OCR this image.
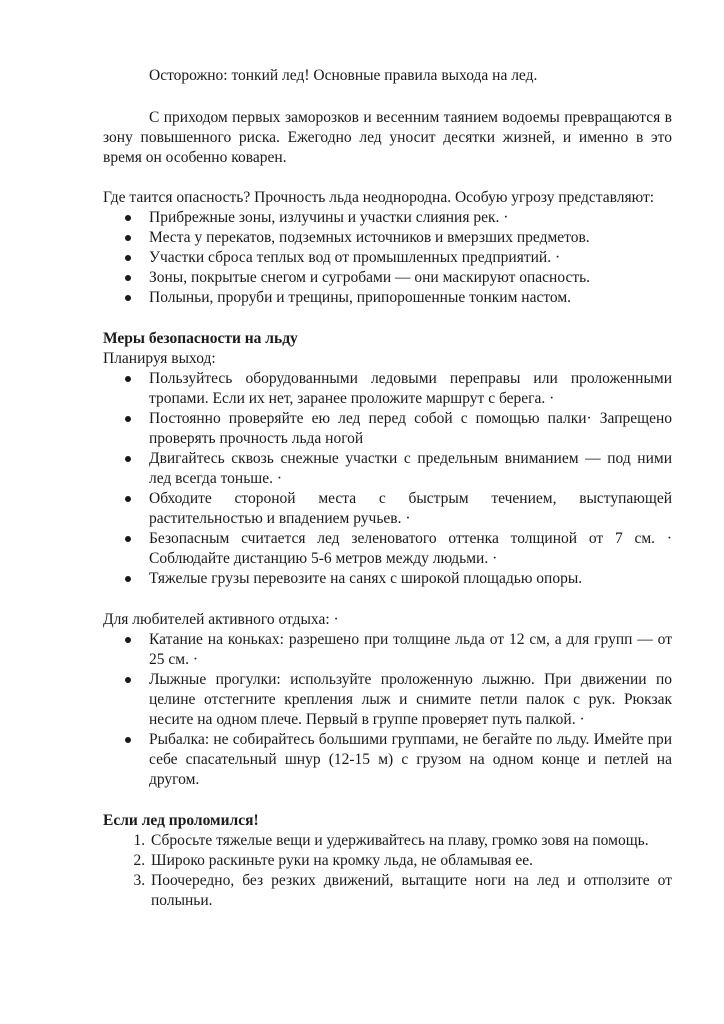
Осторожно: тонкий лед! Основные правила выхода на лед.

С приходом первых заморозков и весенним таянием водоемы превращаются в зону повышенного риска. Ежегодно лед уносит десятки жизней, и именно в это время он особенно коварен.

Где таится опасность? Прочность льда неоднородна. Особую угрозу представляют:

Прибрежные зоны, излучины и участки слияния рек. ·
Места у перекатов, подземных источников и вмерзших предметов.
Участки сброса теплых вод от промышленных предприятий. ·
Зоны, покрытые снегом и сугробами — они маскируют опасность.
Полыньи, проруби и трещины, припорошенные тонким настом.

Меры безопасности на льду

Планируя выход:

Пользуйтесь оборудованными ледовыми переправы или проложенными тропами. Если их нет, заранее проложите маршрут с берега. ·
Постоянно проверяйте ею лед перед собой с помощью палки· Запрещено проверять прочность льда ногой
Двигайтесь сквозь снежные участки с предельным вниманием — под ними лед всегда тоньше. ·
Обходите стороной места с быстрым течением, выступающей растительностью и впадением ручьев. ·
Безопасным считается лед зеленоватого оттенка толщиной от 7 см. · Соблюдайте дистанцию 5-6 метров между людьми. ·
Тяжелые грузы перевозите на санях с широкой площадью опоры.

Для любителей активного отдыха: ·

Катание на коньках: разрешено при толщине льда от 12 см, а для групп — от 25 см. ·
Лыжные прогулки: используйте проложенную лыжню. При движении по целине отстегните крепления лыж и снимите петли палок с рук. Рюкзак несите на одном плече. Первый в группе проверяет путь палкой. ·
Рыбалка: не собирайтесь большими группами, не бегайте по льду. Имейте при себе спасательный шнур (12-15 м) с грузом на одном конце и петлей на другом.

Если лед проломился!

1. Сбросьте тяжелые вещи и удерживайтесь на плаву, громко зовя на помощь.
2. Широко раскиньте руки на кромку льда, не обламывая ее.
3. Поочередно, без резких движений, вытащите ноги на лед и отползите от полыньи.
